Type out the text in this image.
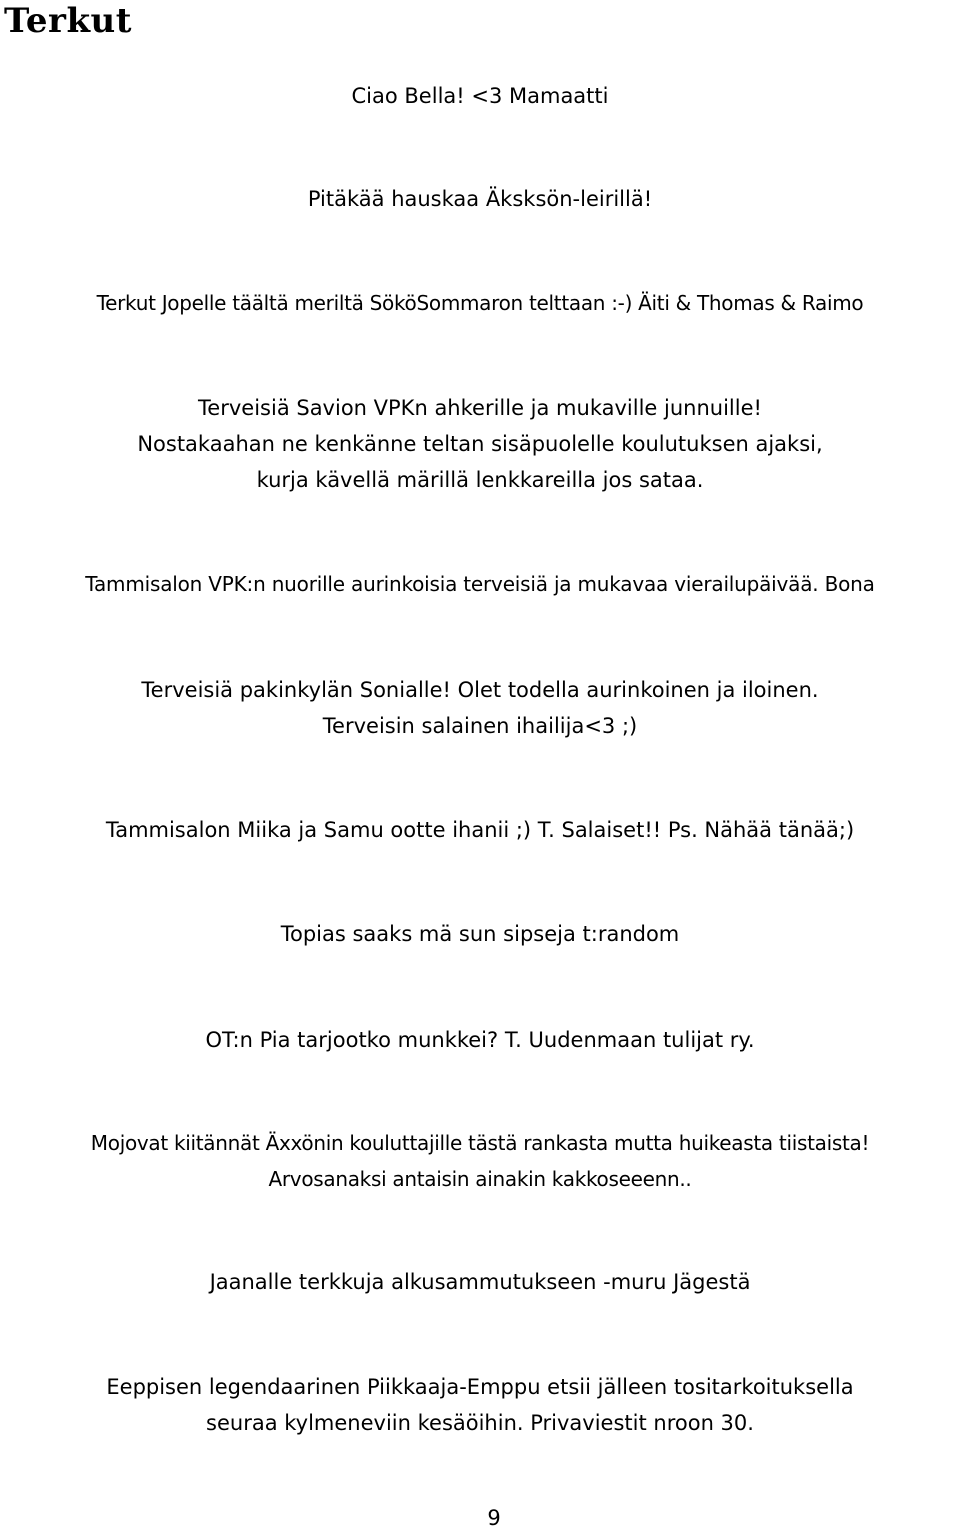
Terkut
Ciao Bella! <3 Mamaatti
Pitäkää hauskaa Äksksön-leirillä!
Terkut Jopelle täältä meriltä SököSommaron telttaan :-) Äiti & Thomas & Raimo
Terveisiä Savion VPKn ahkerille ja mukaville junnuille!
Nostakaahan ne kenkänne teltan sisäpuolelle koulutuksen ajaksi,
kurja kävellä märillä lenkkareilla jos sataa.
Tammisalon VPK:n nuorille aurinkoisia terveisiä ja mukavaa vierailupäivää. Bona
Terveisiä pakinkylän Sonialle! Olet todella aurinkoinen ja iloinen.
Terveisin salainen ihailija<3 ;)
Tammisalon Miika ja Samu ootte ihanii ;) T. Salaiset!! Ps. Nähää tänää;)
Topias saaks mä sun sipseja t:random
OT:n Pia tarjootko munkkei? T. Uudenmaan tulijat ry.
Mojovat kiitännät Äxxönin kouluttajille tästä rankasta mutta huikeasta tiistaista!
Arvosanaksi antaisin ainakin kakkoseeenn..
Jaanalle terkkuja alkusammutukseen -muru Jägestä
Eeppisen legendaarinen Piikkaaja-Emppu etsii jälleen tositarkoituksella
seuraa kylmeneviin kesäöihin. Privaviestit nroon 30.
9
